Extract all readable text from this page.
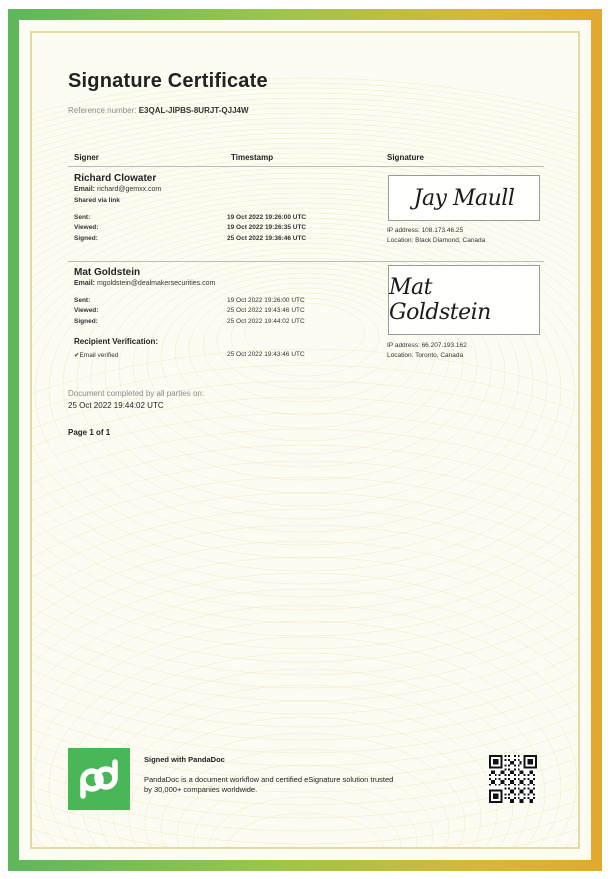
Signature Certificate
Reference number: E3QAL-JIPBS-8URJT-QJJ4W
Signer	Timestamp	Signature
Richard Clowater
Email: richard@gemxx.com
Shared via link
Sent:	19 Oct 2022 19:26:00 UTC
Viewed:	19 Oct 2022 19:26:35 UTC
Signed:	25 Oct 2022 19:36:46 UTC
Jay Maull
IP address: 108.173.46.25
Location: Black Diamond, Canada
Mat Goldstein
Email: mgoldstein@dealmakersecurities.com
Sent:	19 Oct 2022 19:26:00 UTC
Viewed:	25 Oct 2022 19:43:46 UTC
Signed:	25 Oct 2022 19:44:02 UTC
Recipient Verification:
✔Email verified	25 Oct 2022 19:43:46 UTC
Mat Goldstein
IP address: 66.207.193.162
Location: Toronto, Canada
Document completed by all parties on:
25 Oct 2022 19:44:02 UTC
Page 1 of 1
Signed with PandaDoc
PandaDoc is a document workflow and certified eSignature solution trusted by 30,000+ companies worldwide.
